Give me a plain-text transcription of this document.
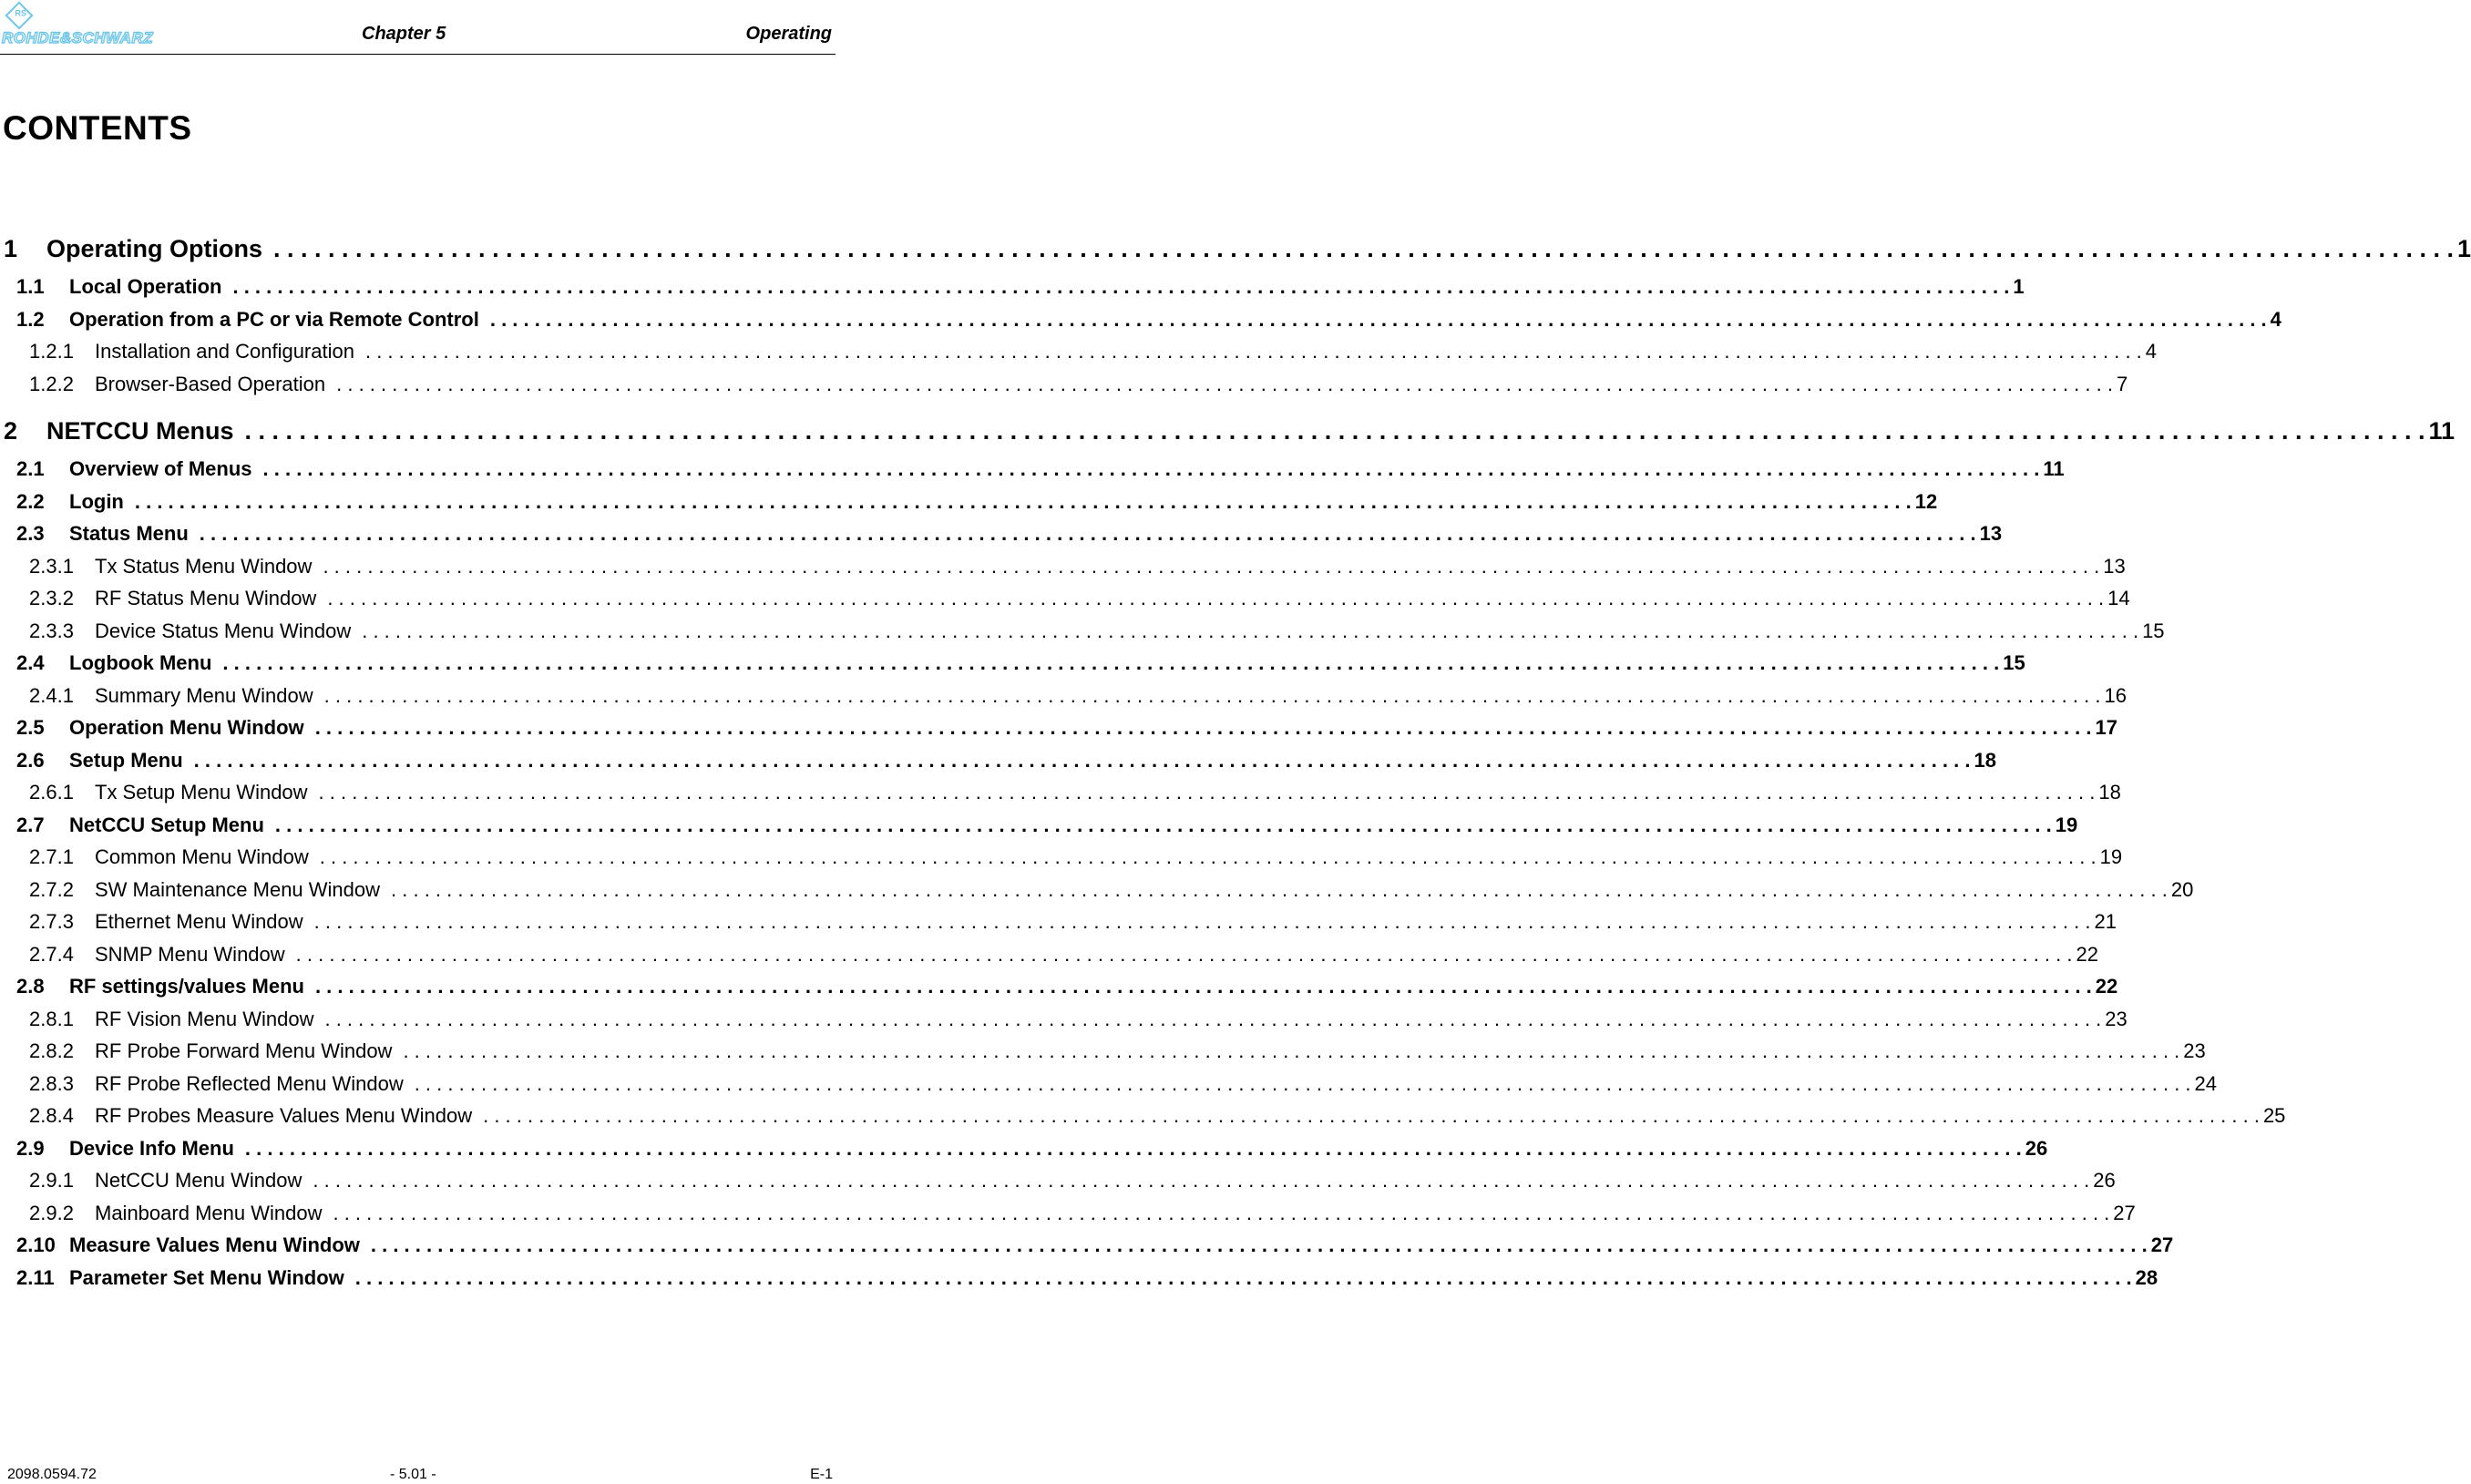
RS
ROHDE&SCHWARZ	Chapter 5	Operating
CONTENTS
1	Operating Options . . . . . . . . . . . . . . . . . . . . . . . . . . . . . . . . . . . . . . . . . . . . . . . . . . . . . . . . . . . . . . . . . . . . . . . . . . . . . . . . . . . . . . . . . . . . . . . . . . . . . . . . . . . . . . . . . . . . . . . . . . . . . . . . . . . . . . . . . . . . . . . . . . . . . . . . . . . . . . . . 1
1.1	Local Operation . . . . . . . . . . . . . . . . . . . . . . . . . . . . . . . . . . . . . . . . . . . . . . . . . . . . . . . . . . . . . . . . . . . . . . . . . . . . . . . . . . . . . . . . . . . . . . . . . . . . . . . . . . . . . . . . . . . . . . . . . . . . . . . . . . . . . . . . . . . . . . . . . . . . . . . . . . . . . . . . 1
1.2	Operation from a PC or via Remote Control . . . . . . . . . . . . . . . . . . . . . . . . . . . . . . . . . . . . . . . . . . . . . . . . . . . . . . . . . . . . . . . . . . . . . . . . . . . . . . . . . . . . . . . . . . . . . . . . . . . . . . . . . . . . . . . . . . . . . . . . . . . . . . . . . . . . . . . . . . . . . . . . . . . . . . . . . . . . . . . . 4
1.2.1	Installation and Configuration . . . . . . . . . . . . . . . . . . . . . . . . . . . . . . . . . . . . . . . . . . . . . . . . . . . . . . . . . . . . . . . . . . . . . . . . . . . . . . . . . . . . . . . . . . . . . . . . . . . . . . . . . . . . . . . . . . . . . . . . . . . . . . . . . . . . . . . . . . . . . . . . . . . . . . . . . . . . . . . . 4
1.2.2	Browser-Based Operation . . . . . . . . . . . . . . . . . . . . . . . . . . . . . . . . . . . . . . . . . . . . . . . . . . . . . . . . . . . . . . . . . . . . . . . . . . . . . . . . . . . . . . . . . . . . . . . . . . . . . . . . . . . . . . . . . . . . . . . . . . . . . . . . . . . . . . . . . . . . . . . . . . . . . . . . . . . . . . . . 7
2	NETCCU Menus . . . . . . . . . . . . . . . . . . . . . . . . . . . . . . . . . . . . . . . . . . . . . . . . . . . . . . . . . . . . . . . . . . . . . . . . . . . . . . . . . . . . . . . . . . . . . . . . . . . . . . . . . . . . . . . . . . . . . . . . . . . . . . . . . . . . . . . . . . . . . . . . . . . . . . . . . . . . . . . . 11
2.1	Overview of Menus . . . . . . . . . . . . . . . . . . . . . . . . . . . . . . . . . . . . . . . . . . . . . . . . . . . . . . . . . . . . . . . . . . . . . . . . . . . . . . . . . . . . . . . . . . . . . . . . . . . . . . . . . . . . . . . . . . . . . . . . . . . . . . . . . . . . . . . . . . . . . . . . . . . . . . . . . . . . . . . . 11
2.2	Login . . . . . . . . . . . . . . . . . . . . . . . . . . . . . . . . . . . . . . . . . . . . . . . . . . . . . . . . . . . . . . . . . . . . . . . . . . . . . . . . . . . . . . . . . . . . . . . . . . . . . . . . . . . . . . . . . . . . . . . . . . . . . . . . . . . . . . . . . . . . . . . . . . . . . . . . . . . . . . . . 12
2.3	Status Menu . . . . . . . . . . . . . . . . . . . . . . . . . . . . . . . . . . . . . . . . . . . . . . . . . . . . . . . . . . . . . . . . . . . . . . . . . . . . . . . . . . . . . . . . . . . . . . . . . . . . . . . . . . . . . . . . . . . . . . . . . . . . . . . . . . . . . . . . . . . . . . . . . . . . . . . . . . . . . . . . 13
2.3.1	Tx Status Menu Window . . . . . . . . . . . . . . . . . . . . . . . . . . . . . . . . . . . . . . . . . . . . . . . . . . . . . . . . . . . . . . . . . . . . . . . . . . . . . . . . . . . . . . . . . . . . . . . . . . . . . . . . . . . . . . . . . . . . . . . . . . . . . . . . . . . . . . . . . . . . . . . . . . . . . . . . . . . . . . . . 13
2.3.2	RF Status Menu Window . . . . . . . . . . . . . . . . . . . . . . . . . . . . . . . . . . . . . . . . . . . . . . . . . . . . . . . . . . . . . . . . . . . . . . . . . . . . . . . . . . . . . . . . . . . . . . . . . . . . . . . . . . . . . . . . . . . . . . . . . . . . . . . . . . . . . . . . . . . . . . . . . . . . . . . . . . . . . . . . 14
2.3.3	Device Status Menu Window . . . . . . . . . . . . . . . . . . . . . . . . . . . . . . . . . . . . . . . . . . . . . . . . . . . . . . . . . . . . . . . . . . . . . . . . . . . . . . . . . . . . . . . . . . . . . . . . . . . . . . . . . . . . . . . . . . . . . . . . . . . . . . . . . . . . . . . . . . . . . . . . . . . . . . . . . . . . . . . . 15
2.4	Logbook Menu . . . . . . . . . . . . . . . . . . . . . . . . . . . . . . . . . . . . . . . . . . . . . . . . . . . . . . . . . . . . . . . . . . . . . . . . . . . . . . . . . . . . . . . . . . . . . . . . . . . . . . . . . . . . . . . . . . . . . . . . . . . . . . . . . . . . . . . . . . . . . . . . . . . . . . . . . . . . . . . . 15
2.4.1	Summary Menu Window . . . . . . . . . . . . . . . . . . . . . . . . . . . . . . . . . . . . . . . . . . . . . . . . . . . . . . . . . . . . . . . . . . . . . . . . . . . . . . . . . . . . . . . . . . . . . . . . . . . . . . . . . . . . . . . . . . . . . . . . . . . . . . . . . . . . . . . . . . . . . . . . . . . . . . . . . . . . . . . . 16
2.5	Operation Menu Window . . . . . . . . . . . . . . . . . . . . . . . . . . . . . . . . . . . . . . . . . . . . . . . . . . . . . . . . . . . . . . . . . . . . . . . . . . . . . . . . . . . . . . . . . . . . . . . . . . . . . . . . . . . . . . . . . . . . . . . . . . . . . . . . . . . . . . . . . . . . . . . . . . . . . . . . . . . . . . . . 17
2.6	Setup Menu . . . . . . . . . . . . . . . . . . . . . . . . . . . . . . . . . . . . . . . . . . . . . . . . . . . . . . . . . . . . . . . . . . . . . . . . . . . . . . . . . . . . . . . . . . . . . . . . . . . . . . . . . . . . . . . . . . . . . . . . . . . . . . . . . . . . . . . . . . . . . . . . . . . . . . . . . . . . . . . . 18
2.6.1	Tx Setup Menu Window . . . . . . . . . . . . . . . . . . . . . . . . . . . . . . . . . . . . . . . . . . . . . . . . . . . . . . . . . . . . . . . . . . . . . . . . . . . . . . . . . . . . . . . . . . . . . . . . . . . . . . . . . . . . . . . . . . . . . . . . . . . . . . . . . . . . . . . . . . . . . . . . . . . . . . . . . . . . . . . . 18
2.7	NetCCU Setup Menu . . . . . . . . . . . . . . . . . . . . . . . . . . . . . . . . . . . . . . . . . . . . . . . . . . . . . . . . . . . . . . . . . . . . . . . . . . . . . . . . . . . . . . . . . . . . . . . . . . . . . . . . . . . . . . . . . . . . . . . . . . . . . . . . . . . . . . . . . . . . . . . . . . . . . . . . . . . . . . . . 19
2.7.1	Common Menu Window . . . . . . . . . . . . . . . . . . . . . . . . . . . . . . . . . . . . . . . . . . . . . . . . . . . . . . . . . . . . . . . . . . . . . . . . . . . . . . . . . . . . . . . . . . . . . . . . . . . . . . . . . . . . . . . . . . . . . . . . . . . . . . . . . . . . . . . . . . . . . . . . . . . . . . . . . . . . . . . . 19
2.7.2	SW Maintenance Menu Window . . . . . . . . . . . . . . . . . . . . . . . . . . . . . . . . . . . . . . . . . . . . . . . . . . . . . . . . . . . . . . . . . . . . . . . . . . . . . . . . . . . . . . . . . . . . . . . . . . . . . . . . . . . . . . . . . . . . . . . . . . . . . . . . . . . . . . . . . . . . . . . . . . . . . . . . . . . . . . . . 20
2.7.3	Ethernet Menu Window . . . . . . . . . . . . . . . . . . . . . . . . . . . . . . . . . . . . . . . . . . . . . . . . . . . . . . . . . . . . . . . . . . . . . . . . . . . . . . . . . . . . . . . . . . . . . . . . . . . . . . . . . . . . . . . . . . . . . . . . . . . . . . . . . . . . . . . . . . . . . . . . . . . . . . . . . . . . . . . . 21
2.7.4	SNMP Menu Window . . . . . . . . . . . . . . . . . . . . . . . . . . . . . . . . . . . . . . . . . . . . . . . . . . . . . . . . . . . . . . . . . . . . . . . . . . . . . . . . . . . . . . . . . . . . . . . . . . . . . . . . . . . . . . . . . . . . . . . . . . . . . . . . . . . . . . . . . . . . . . . . . . . . . . . . . . . . . . . . 22
2.8	RF settings/values Menu . . . . . . . . . . . . . . . . . . . . . . . . . . . . . . . . . . . . . . . . . . . . . . . . . . . . . . . . . . . . . . . . . . . . . . . . . . . . . . . . . . . . . . . . . . . . . . . . . . . . . . . . . . . . . . . . . . . . . . . . . . . . . . . . . . . . . . . . . . . . . . . . . . . . . . . . . . . . . . . . 22
2.8.1	RF Vision Menu Window . . . . . . . . . . . . . . . . . . . . . . . . . . . . . . . . . . . . . . . . . . . . . . . . . . . . . . . . . . . . . . . . . . . . . . . . . . . . . . . . . . . . . . . . . . . . . . . . . . . . . . . . . . . . . . . . . . . . . . . . . . . . . . . . . . . . . . . . . . . . . . . . . . . . . . . . . . . . . . . . 23
2.8.2	RF Probe Forward Menu Window . . . . . . . . . . . . . . . . . . . . . . . . . . . . . . . . . . . . . . . . . . . . . . . . . . . . . . . . . . . . . . . . . . . . . . . . . . . . . . . . . . . . . . . . . . . . . . . . . . . . . . . . . . . . . . . . . . . . . . . . . . . . . . . . . . . . . . . . . . . . . . . . . . . . . . . . . . . . . . . . 23
2.8.3	RF Probe Reflected Menu Window . . . . . . . . . . . . . . . . . . . . . . . . . . . . . . . . . . . . . . . . . . . . . . . . . . . . . . . . . . . . . . . . . . . . . . . . . . . . . . . . . . . . . . . . . . . . . . . . . . . . . . . . . . . . . . . . . . . . . . . . . . . . . . . . . . . . . . . . . . . . . . . . . . . . . . . . . . . . . . . . 24
2.8.4	RF Probes Measure Values Menu Window . . . . . . . . . . . . . . . . . . . . . . . . . . . . . . . . . . . . . . . . . . . . . . . . . . . . . . . . . . . . . . . . . . . . . . . . . . . . . . . . . . . . . . . . . . . . . . . . . . . . . . . . . . . . . . . . . . . . . . . . . . . . . . . . . . . . . . . . . . . . . . . . . . . . . . . . . . . . . . . . 25
2.9	Device Info Menu . . . . . . . . . . . . . . . . . . . . . . . . . . . . . . . . . . . . . . . . . . . . . . . . . . . . . . . . . . . . . . . . . . . . . . . . . . . . . . . . . . . . . . . . . . . . . . . . . . . . . . . . . . . . . . . . . . . . . . . . . . . . . . . . . . . . . . . . . . . . . . . . . . . . . . . . . . . . . . . . 26
2.9.1	NetCCU Menu Window . . . . . . . . . . . . . . . . . . . . . . . . . . . . . . . . . . . . . . . . . . . . . . . . . . . . . . . . . . . . . . . . . . . . . . . . . . . . . . . . . . . . . . . . . . . . . . . . . . . . . . . . . . . . . . . . . . . . . . . . . . . . . . . . . . . . . . . . . . . . . . . . . . . . . . . . . . . . . . . . 26
2.9.2	Mainboard Menu Window . . . . . . . . . . . . . . . . . . . . . . . . . . . . . . . . . . . . . . . . . . . . . . . . . . . . . . . . . . . . . . . . . . . . . . . . . . . . . . . . . . . . . . . . . . . . . . . . . . . . . . . . . . . . . . . . . . . . . . . . . . . . . . . . . . . . . . . . . . . . . . . . . . . . . . . . . . . . . . . . 27
2.10 Measure Values Menu Window . . . . . . . . . . . . . . . . . . . . . . . . . . . . . . . . . . . . . . . . . . . . . . . . . . . . . . . . . . . . . . . . . . . . . . . . . . . . . . . . . . . . . . . . . . . . . . . . . . . . . . . . . . . . . . . . . . . . . . . . . . . . . . . . . . . . . . . . . . . . . . . . . . . . . . . . . . . . . . . . 27
2.11 Parameter Set Menu Window . . . . . . . . . . . . . . . . . . . . . . . . . . . . . . . . . . . . . . . . . . . . . . . . . . . . . . . . . . . . . . . . . . . . . . . . . . . . . . . . . . . . . . . . . . . . . . . . . . . . . . . . . . . . . . . . . . . . . . . . . . . . . . . . . . . . . . . . . . . . . . . . . . . . . . . . . . . . . . . . 28
2098.0594.72	- 5.01 -	E-1
